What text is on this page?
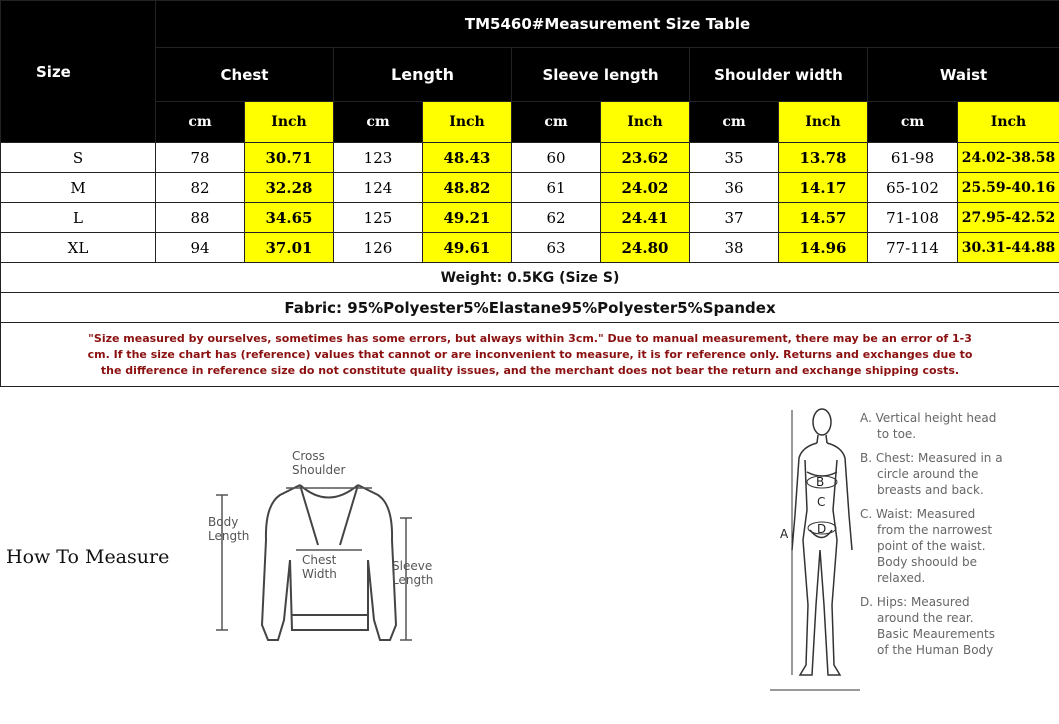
Size	TM5460#Measurement Size Table									
	Chest		Length		Sleeve length		Shoulder width		Waist	
	cm	Inch	cm	Inch	cm	Inch	cm	Inch	cm	Inch
S	78	30.71	123	48.43	60	23.62	35	13.78	61-98	24.02-38.58
M	82	32.28	124	48.82	61	24.02	36	14.17	65-102	25.59-40.16
L	88	34.65	125	49.21	62	24.41	37	14.57	71-108	27.95-42.52
XL	94	37.01	126	49.61	63	24.80	38	14.96	77-114	30.31-44.88
Weight: 0.5KG (Size S)										
Fabric: 95%Polyester5%Elastane95%Polyester5%Spandex										
"Size measured by ourselves, sometimes has some errors, but always within 3cm." Due to manual measurement, there may be an error of 1-3 cm. If the size chart has (reference) values that cannot or are inconvenient to measure, it is for reference only. Returns and exchanges due to the difference in reference size do not constitute quality issues, and the merchant does not bear the return and exchange shipping costs.										
How To Measure
Cross
Shoulder
Body
Length
Chest
Width
Sleeve
Length
B
C
D
A
A. Vertical height head
to toe.
B. Chest: Measured in a
circle around the
breasts and back.
C. Waist: Measured
from the narrowest
point of the waist.
Body shoould be
relaxed.
D. Hips: Measured
around the rear.
Basic Meaurements
of the Human Body
